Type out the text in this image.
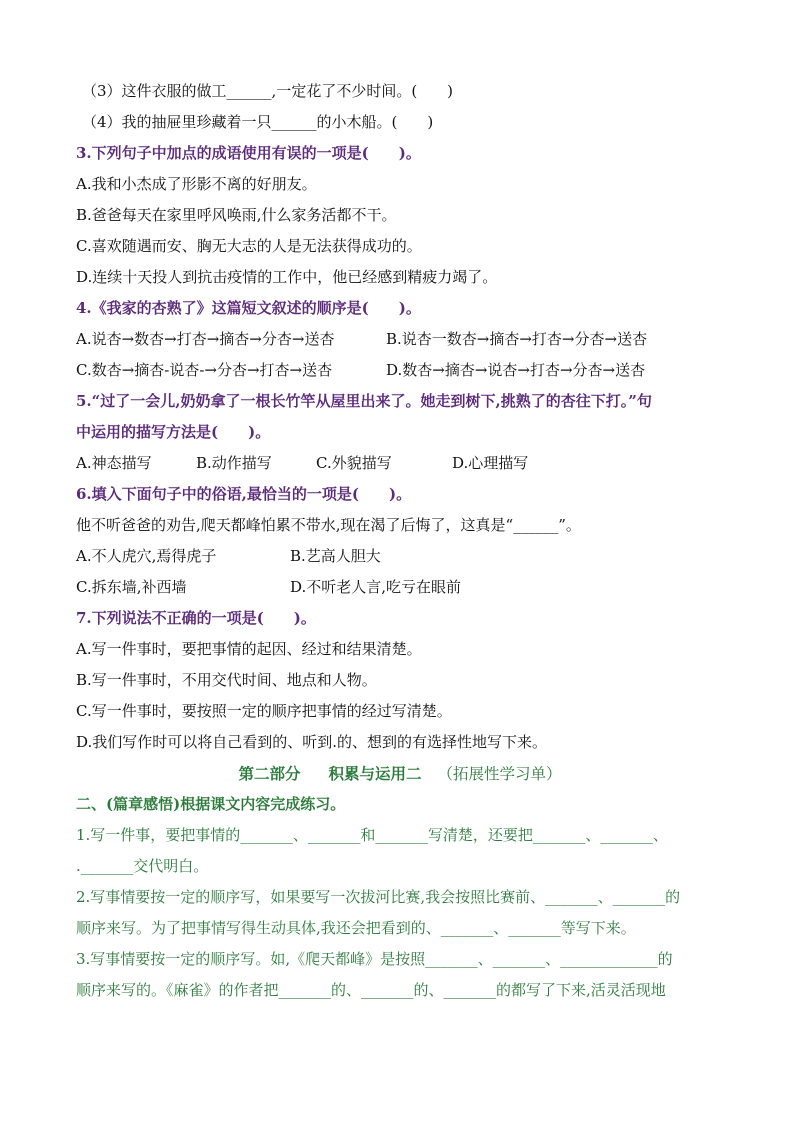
（3）这件衣服的做工______,一定花了不少时间。(　　)
（4）我的抽屉里珍藏着一只______的小木船。(　　)
3.下列句子中加点的成语使用有误的一项是(　　)。
A.我和小杰成了形影不离的好朋友。
B.爸爸每天在家里呼风唤雨,什么家务活都不干。
C.喜欢随遇而安、胸无大志的人是无法获得成功的。
D.连续十天投人到抗击疫情的工作中，他已经感到精疲力竭了。
4.《我家的杏熟了》这篇短文叙述的顺序是(　　)。
A.说杏→数杏→打杏→摘杏→分杏→送杏	B.说杏一数杏→摘杏→打杏→分杏→送杏
C.数杏→摘杏-说杏-→分杏→打杏→送杏	D.数杏→摘杏→说杏→打杏→分杏→送杏
5.“过了一会儿,奶奶拿了一根长竹竿从屋里出来了。她走到树下,挑熟了的杏往下打。”句
中运用的描写方法是(　　)。
A.神态描写	B.动作描写	C.外貌描写	D.心理描写
6.填入下面句子中的俗语,最恰当的一项是(　　)。
他不听爸爸的劝告,爬天都峰怕累不带水,现在渴了后悔了，这真是“______”。
A.不人虎穴,焉得虎子	B.艺高人胆大
C.拆东墙,补西墙	D.不听老人言,吃亏在眼前
7.下列说法不正确的一项是(　　)。
A.写一件事时，要把事情的起因、经过和结果清楚。
B.写一件事时，不用交代时间、地点和人物。
C.写一件事时，要按照一定的顺序把事情的经过写清楚。
D.我们写作时可以将自己看到的、听到.的、想到的有选择性地写下来。
第二部分 积累与运用二 （拓展性学习单）
二、(篇章感悟)根据课文内容完成练习。
1.写一件事，要把事情的_______、_______和_______写清楚，还要把_______、_______、
._______交代明白。
2.写事情要按一定的顺序写，如果要写一次拔河比赛,我会按照比赛前、_______、_______的
顺序来写。为了把事情写得生动具体,我还会把看到的、_______、_______等写下来。
3.写事情要按一定的顺序写。如,《爬天都峰》是按照_______、_______、_____________的
顺序来写的。《麻雀》的作者把_______的、_______的、_______的都写了下来,活灵活现地
